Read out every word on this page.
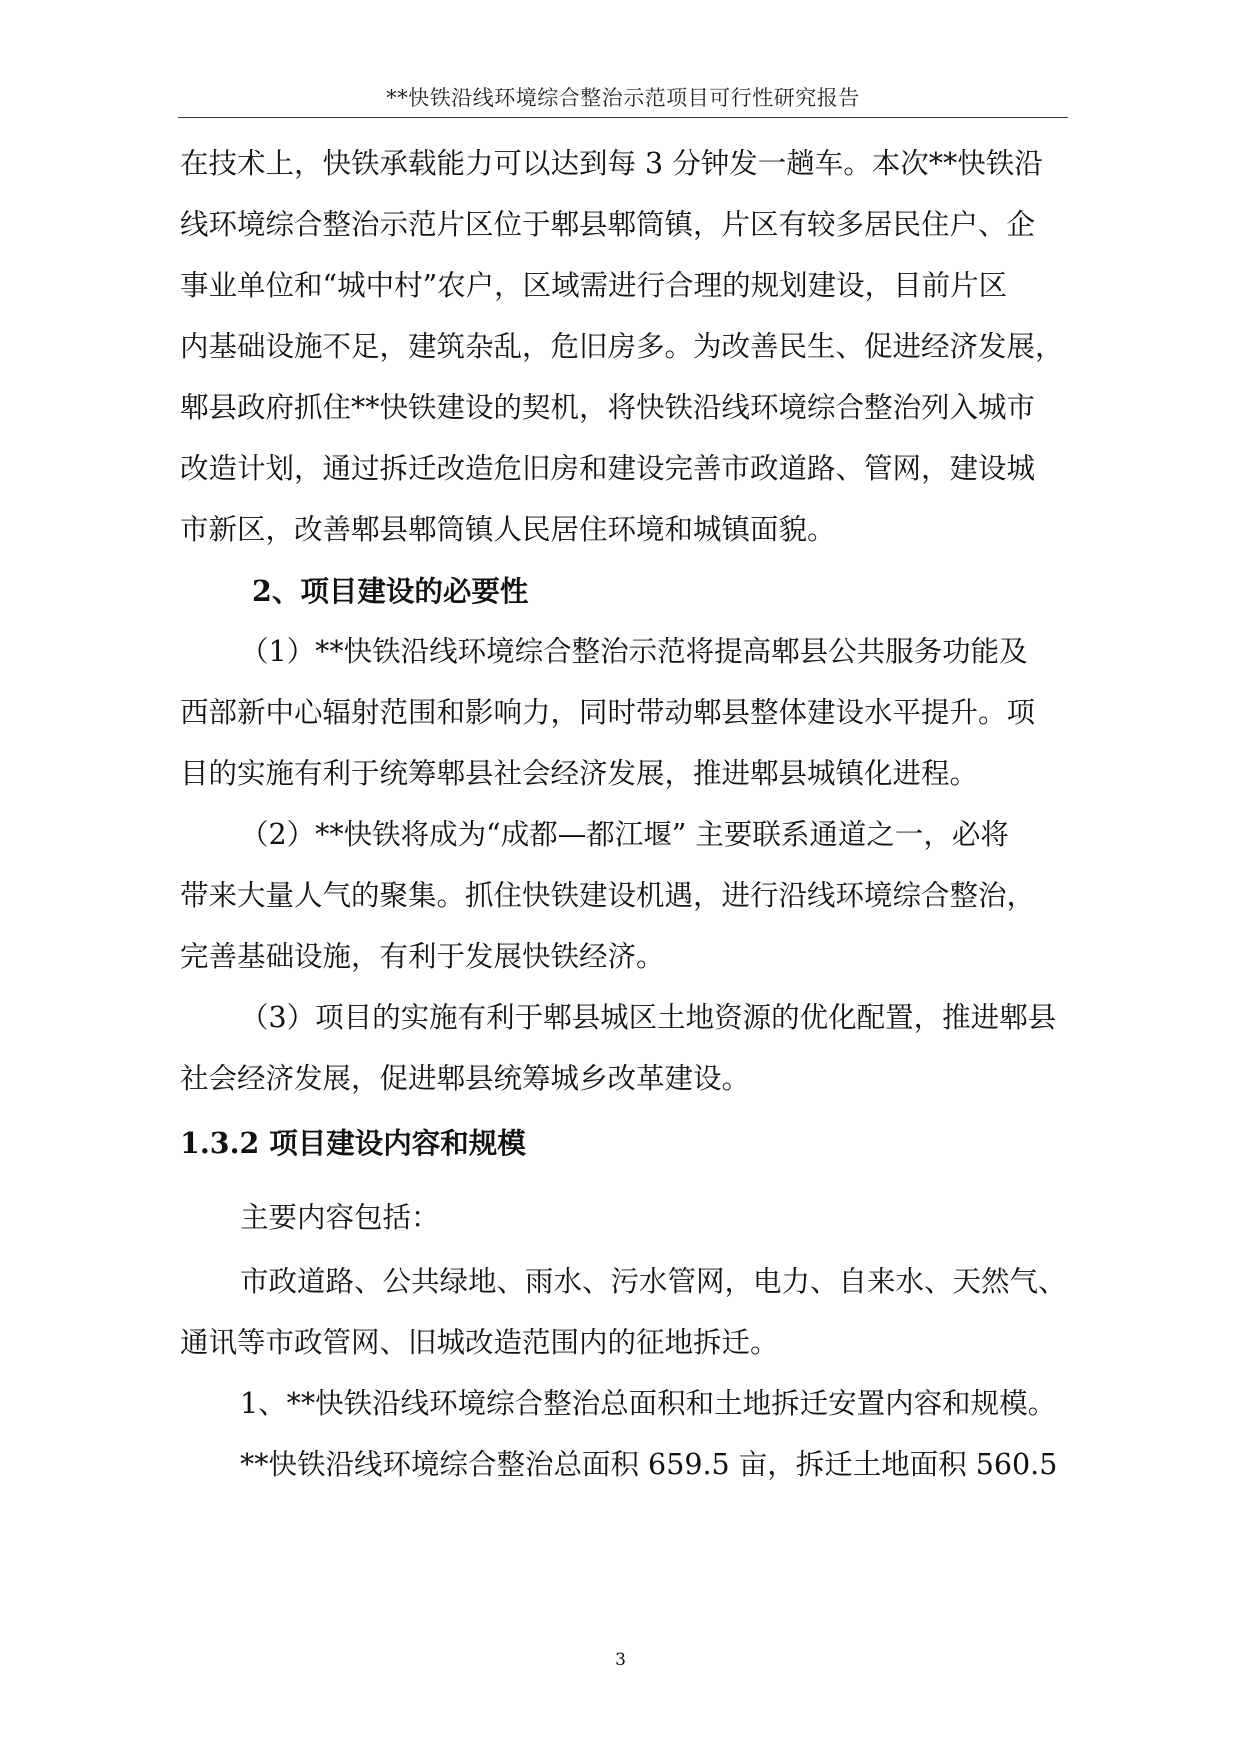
**快铁沿线环境综合整治示范项目可行性研究报告
在技术上，快铁承载能力可以达到每 3 分钟发一趟车。本次**快铁沿
线环境综合整治示范片区位于郫县郫筒镇，片区有较多居民住户、企
事业单位和“城中村”农户，区域需进行合理的规划建设，目前片区
内基础设施不足，建筑杂乱，危旧房多。为改善民生、促进经济发展，
郫县政府抓住**快铁建设的契机，将快铁沿线环境综合整治列入城市
改造计划，通过拆迁改造危旧房和建设完善市政道路、管网，建设城
市新区，改善郫县郫筒镇人民居住环境和城镇面貌。
2、项目建设的必要性
（1）**快铁沿线环境综合整治示范将提高郫县公共服务功能及
西部新中心辐射范围和影响力，同时带动郫县整体建设水平提升。项
目的实施有利于统筹郫县社会经济发展，推进郫县城镇化进程。
（2）**快铁将成为“成都—都江堰” 主要联系通道之一，必将
带来大量人气的聚集。抓住快铁建设机遇，进行沿线环境综合整治，
完善基础设施，有利于发展快铁经济。
（3）项目的实施有利于郫县城区土地资源的优化配置，推进郫县
社会经济发展，促进郫县统筹城乡改革建设。
1.3.2 项目建设内容和规模
主要内容包括：
市政道路、公共绿地、雨水、污水管网，电力、自来水、天然气、
通讯等市政管网、旧城改造范围内的征地拆迁。
1、**快铁沿线环境综合整治总面积和土地拆迁安置内容和规模。
**快铁沿线环境综合整治总面积 659.5 亩，拆迁土地面积 560.5
3
